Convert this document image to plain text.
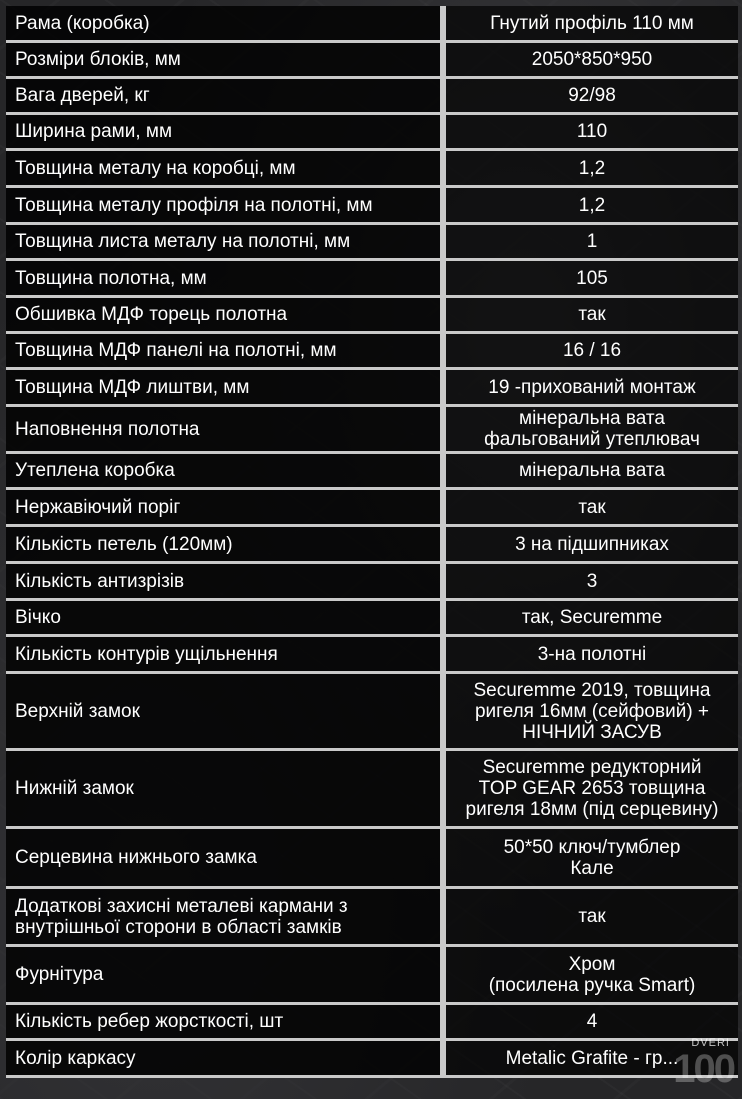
Рама (коробка)	Гнутий профіль 110 мм
Розміри блоків, мм	2050*850*950
Вага дверей, кг	92/98
Ширина рами, мм	110
Товщина металу на коробці, мм	1,2
Товщина металу профіля на полотні, мм	1,2
Товщина листа металу на полотні, мм	1
Товщина полотна, мм	105
Обшивка МДФ торець полотна	так
Товщина МДФ панелі на полотні, мм	16 / 16
Товщина МДФ лиштви, мм	19 -прихований монтаж
Наповнення полотна	мінеральна вата
фальгований утеплювач
Утеплена коробка	мінеральна вата
Нержавіючий поріг	так
Кількість петель (120мм)	3 на підшипниках
Кількість антизрізів	3
Вічко	так, Securemme
Кількість контурів ущільнення	3-на полотні
Верхній замок	Securemme 2019, товщина
ригеля 16мм (сейфовий) +
НІЧНИЙ ЗАСУВ
Нижній замок	Securemme редукторний
TOP GEAR 2653 товщина
ригеля 18мм (під серцевину)
Серцевина нижнього замка	50*50 ключ/тумблер
Кале
Додаткові захисні металеві кармани з
внутрішньої сторони в області замків	так
Фурнітура	Хром
(посилена ручка Smart)
Кількість ребер жорсткості, шт	4
Колір каркасу	Metalic Grafite - гр...
DVERI
100
